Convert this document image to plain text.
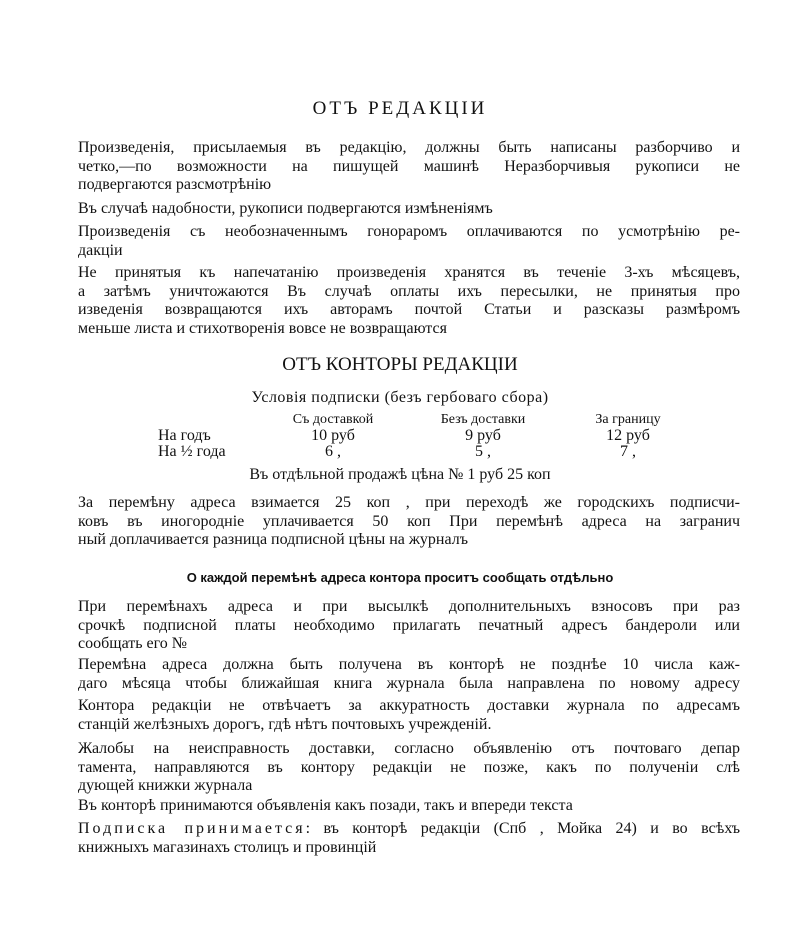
ОТЪ РЕДАКЦІИ
Произведенія, присылаемыя въ редакцію, должны быть написаны разборчиво и
четко,—по возможности на пишущей машинѣ Неразборчивыя рукописи не
подвергаются разсмотрѣнію
Въ случаѣ надобности, рукописи подвергаются измѣненіямъ
Произведенія съ необозначеннымъ гонораромъ оплачиваются по усмотрѣнію ре-
дакціи
Не принятыя къ напечатанію произведенія хранятся въ теченіе 3-хъ мѣсяцевъ,
а затѣмъ уничтожаются Въ случаѣ оплаты ихъ пересылки, не принятыя про
изведенія возвращаются ихъ авторамъ почтой Статьи и разсказы размѣромъ
меньше листа и стихотворенія вовсе не возвращаются
ОТЪ КОНТОРЫ РЕДАКЦІИ
Условія подписки (безъ гербоваго сбора)
	Съ доставкой	Безъ доставки	За границу
На годъ	10 руб	9 руб	12 руб
На ½ года	6 ,	5 ,	7 ,
Въ отдѣльной продажѣ цѣна № 1 руб 25 коп
За перемѣну адреса взимается 25 коп , при переходѣ же городскихъ подписчи-
ковъ въ иногородніе уплачивается 50 коп При перемѣнѣ адреса на загранич
ный доплачивается разница подписной цѣны на журналъ
О каждой перемѣнѣ адреса контора проситъ сообщать отдѣльно
При перемѣнахъ адреса и при высылкѣ дополнительныхъ взносовъ при раз
срочкѣ подписной платы необходимо прилагать печатный адресъ бандероли или
сообщать его №
Перемѣна адреса должна быть получена въ конторѣ не позднѣе 10 числа каж-
даго мѣсяца чтобы ближайшая книга журнала была направлена по новому адресу
Контора редакціи не отвѣчаетъ за аккуратность доставки журнала по адресамъ
станцій желѣзныхъ дорогъ, гдѣ нѣтъ почтовыхъ учрежденій.
Жалобы на неисправность доставки, согласно объявленію отъ почтоваго депар
тамента, направляются въ контору редакціи не позже, какъ по полученіи слѣ
дующей книжки журнала
Въ конторѣ принимаются объявленія какъ позади, такъ и впереди текста
Подписка принимается: въ конторѣ редакціи (Спб , Мойка 24) и во всѣхъ
книжныхъ магазинахъ столицъ и провинцій
